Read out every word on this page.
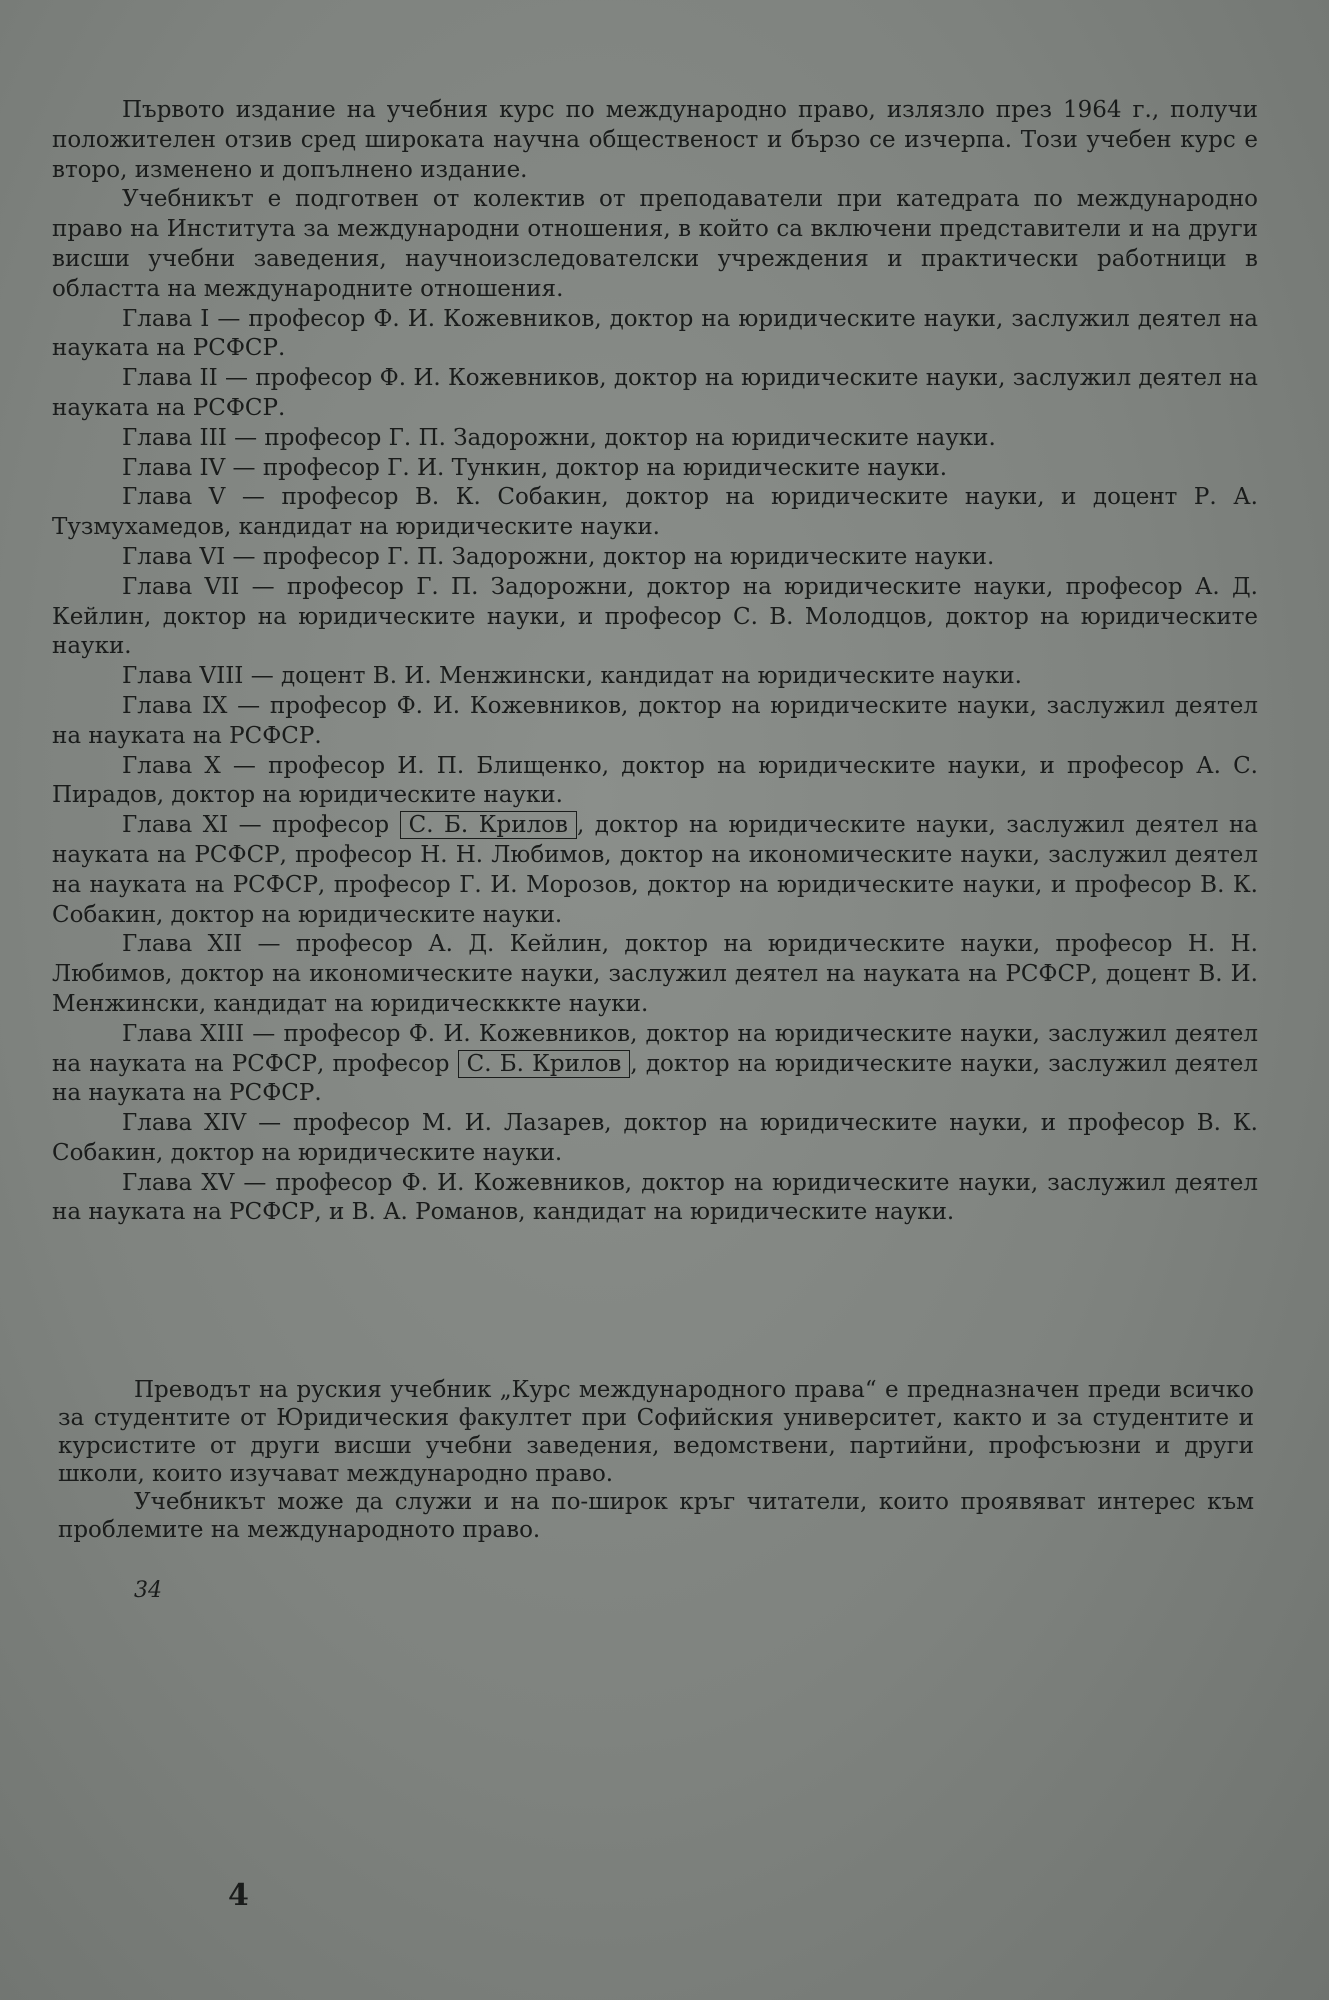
Първото издание на учебния курс по международно право, излязло през 1964 г., получи положителен отзив сред широката научна общественост и бързо се изчерпа. Този учебен курс е второ, изменено и допълнено издание.

Учебникът е подготвен от колектив от преподаватели при катедрата по международно право на Института за международни отношения, в който са включени представители и на други висши учебни заведения, научноизследователски учреждения и практически работници в областта на международните отношения.

Глава I — професор Ф. И. Кожевников, доктор на юридическите науки, заслужил деятел на науката на РСФСР.

Глава II — професор Ф. И. Кожевников, доктор на юридическите науки, заслужил деятел на науката на РСФСР.

Глава III — професор Г. П. Задорожни, доктор на юридическите науки.

Глава IV — професор Г. И. Тункин, доктор на юридическите науки.

Глава V — професор В. К. Собакин, доктор на юридическите науки, и доцент Р. А. Тузмухамедов, кандидат на юридическите науки.

Глава VI — професор Г. П. Задорожни, доктор на юридическите науки.

Глава VII — професор Г. П. Задорожни, доктор на юридическите науки, професор А. Д. Кейлин, доктор на юридическите науки, и професор С. В. Молодцов, доктор на юридическите науки.

Глава VIII — доцент В. И. Менжински, кандидат на юридическите науки.

Глава IX — професор Ф. И. Кожевников, доктор на юридическите науки, заслужил деятел на науката на РСФСР.

Глава X — професор И. П. Блищенко, доктор на юридическите науки, и професор А. С. Пирадов, доктор на юридическите науки.

Глава XI — професор С. Б. Крилов , доктор на юридическите науки, заслужил деятел на науката на РСФСР, професор Н. Н. Любимов, доктор на икономическите науки, заслужил деятел на науката на РСФСР, професор Г. И. Морозов, доктор на юридическите науки, и професор В. К. Собакин, доктор на юридическите науки.

Глава XII — професор А. Д. Кейлин, доктор на юридическите науки, професор Н. Н. Любимов, доктор на икономическите науки, заслужил деятел на науката на РСФСР, доцент В. И. Менжински, кандидат на юридическккте науки.

Глава XIII — професор Ф. И. Кожевников, доктор на юридическите науки, заслужил деятел на науката на РСФСР, професор С. Б. Крилов , доктор на юридическите науки, заслужил деятел на науката на РСФСР.

Глава XIV — професор М. И. Лазарев, доктор на юридическите науки, и професор В. К. Собакин, доктор на юридическите науки.

Глава XV — професор Ф. И. Кожевников, доктор на юридическите науки, заслужил деятел на науката на РСФСР, и В. А. Романов, кандидат на юридическите науки.

Преводът на руския учебник „Курс международного права“ е предназначен преди всичко за студентите от Юридическия факултет при Софийския университет, както и за студентите и курсистите от други висши учебни заведения, ведомствени, партийни, профсъюзни и други школи, които изучават международно право.

Учебникът може да служи и на по-широк кръг читатели, които проявяват интерес към проблемите на международното право.

34
4
